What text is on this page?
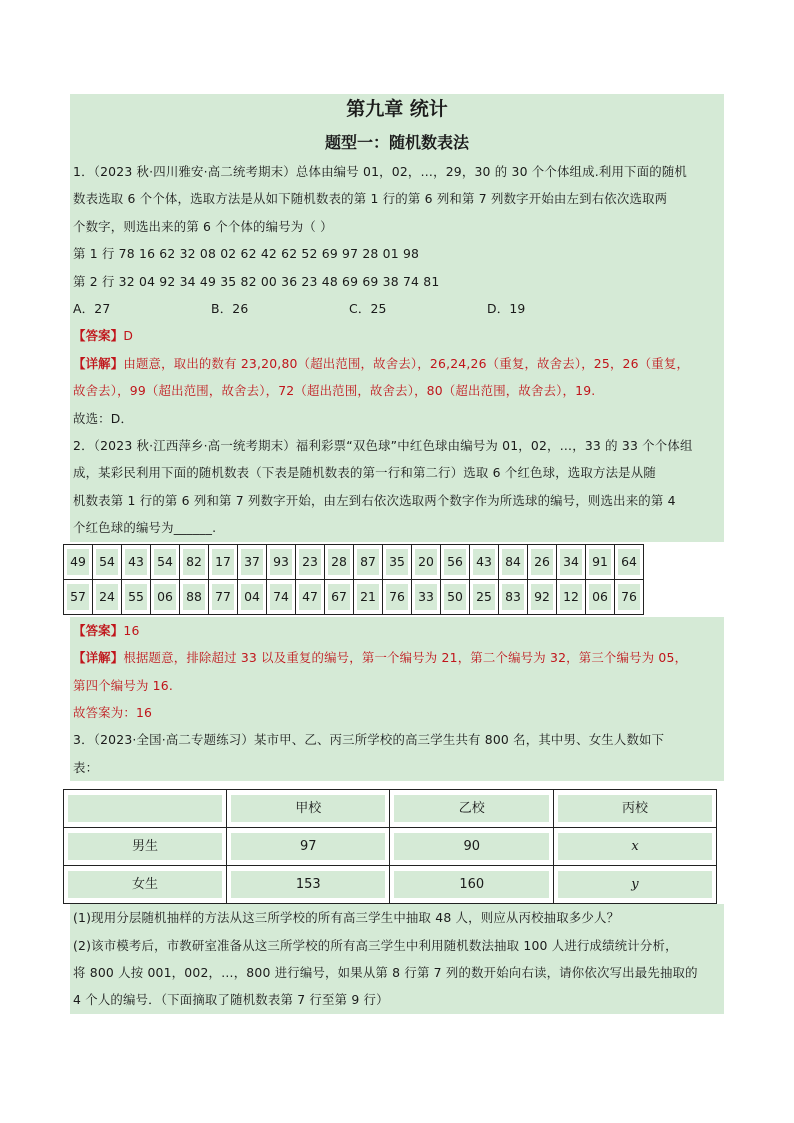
第九章 统计
题型一：随机数表法
1．（2023 秋·四川雅安·高二统考期末）总体由编号 01，02，…，29，30 的 30 个个体组成.利用下面的随机
数表选取 6 个个体，选取方法是从如下随机数表的第 1 行的第 6 列和第 7 列数字开始由左到右依次选取两
个数字，则选出来的第 6 个个体的编号为（ ）
第 1 行 78 16 62 32 08 02 62 42 62 52 69 97 28 01 98
第 2 行 32 04 92 34 49 35 82 00 36 23 48 69 69 38 74 81
A．27	B．26	C．25	D．19
【答案】D
【详解】由题意，取出的数有 23,20,80（超出范围，故舍去），26,24,26（重复，故舍去），25，26（重复，
故舍去），99（超出范围，故舍去），72（超出范围，故舍去），80（超出范围，故舍去），19.
故选：D．
2．（2023 秋·江西萍乡·高一统考期末）福利彩票“双色球”中红色球由编号为 01，02，…，33 的 33 个个体组
成，某彩民利用下面的随机数表（下表是随机数表的第一行和第二行）选取 6 个红色球，选取方法是从随
机数表第 1 行的第 6 列和第 7 列数字开始，由左到右依次选取两个数字作为所选球的编号，则选出来的第 4
个红色球的编号为______.
49	54	43	54	82	17	37	93	23	28	87	35	20	56	43	84	26	34	91	64

57	24	55	06	88	77	04	74	47	67	21	76	33	50	25	83	92	12	06	76
【答案】16
【详解】根据题意，排除超过 33 以及重复的编号，第一个编号为 21，第二个编号为 32，第三个编号为 05，
第四个编号为 16.
故答案为：16
3．（2023·全国·高二专题练习）某市甲、乙、丙三所学校的高三学生共有 800 名，其中男、女生人数如下
表：

	甲校	乙校	丙校

男生	97	90	x

女生	153	160	y
(1)现用分层随机抽样的方法从这三所学校的所有高三学生中抽取 48 人，则应从丙校抽取多少人？
(2)该市模考后，市教研室准备从这三所学校的所有高三学生中利用随机数法抽取 100 人进行成绩统计分析，
将 800 人按 001，002，…，800 进行编号，如果从第 8 行第 7 列的数开始向右读，请你依次写出最先抽取的
4 个人的编号．（下面摘取了随机数表第 7 行至第 9 行）
